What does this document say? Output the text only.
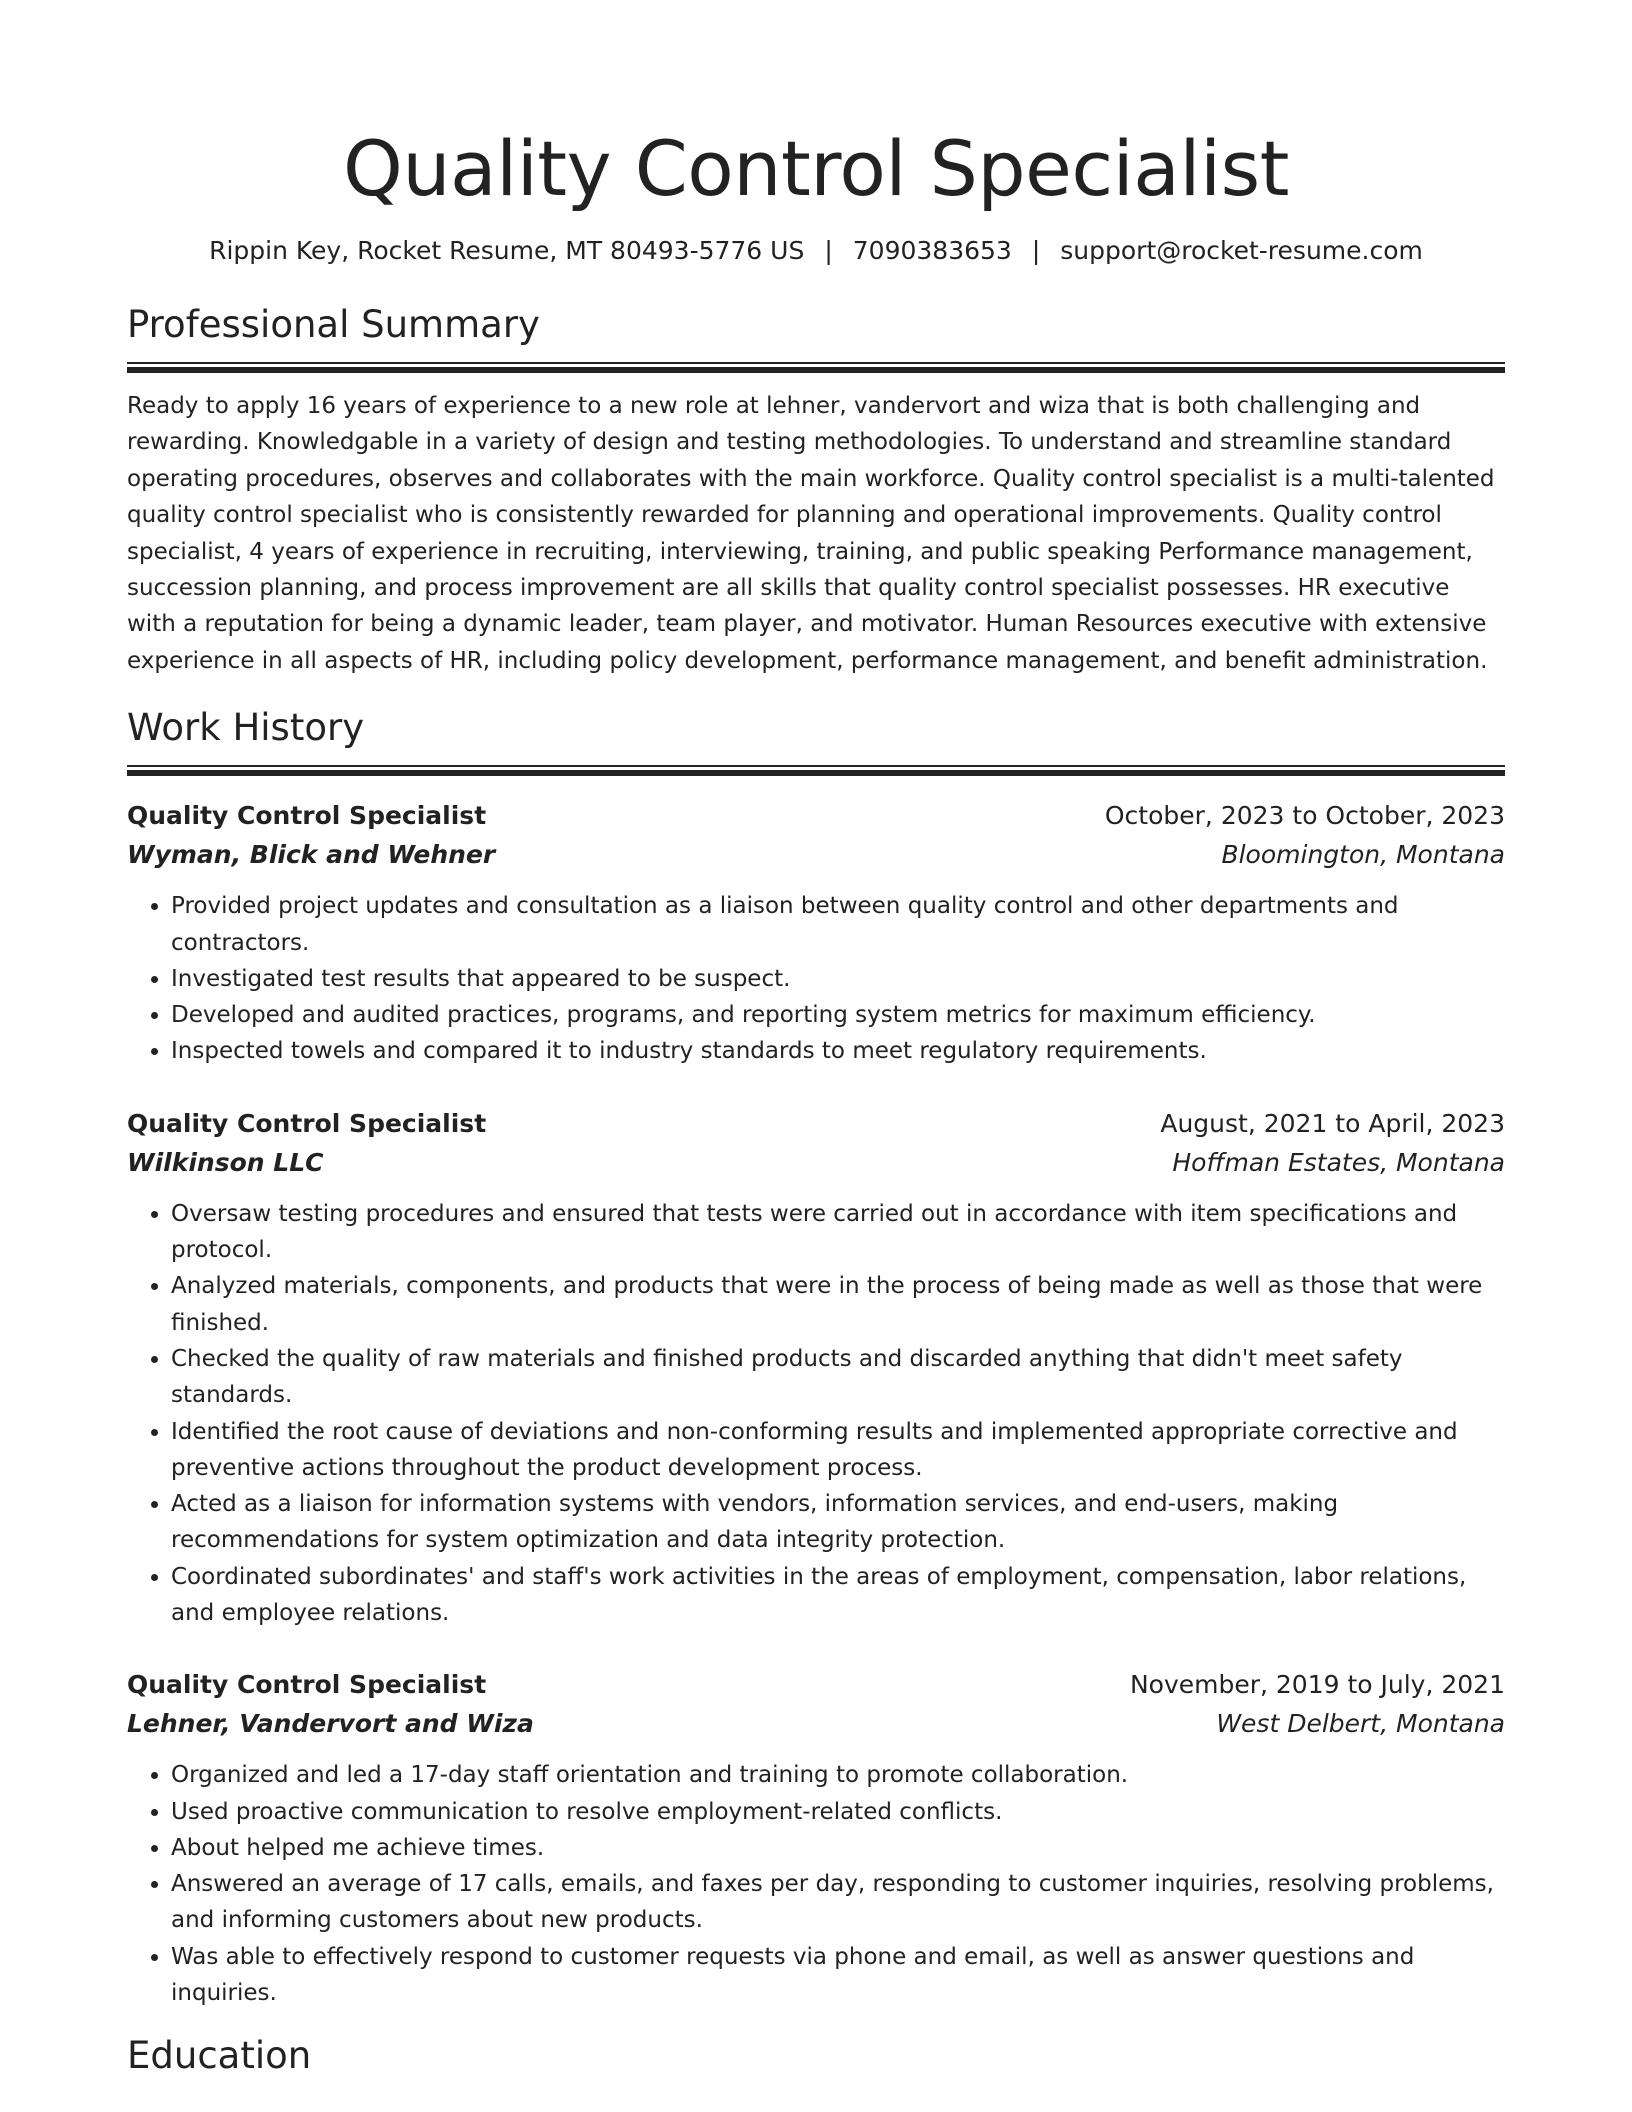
Quality Control Specialist
Rippin Key, Rocket Resume, MT 80493-5776 US | 7090383653 | support@rocket-resume.com
Professional Summary

Ready to apply 16 years of experience to a new role at lehner, vandervort and wiza that is both challenging and rewarding. Knowledgable in a variety of design and testing methodologies. To understand and streamline standard operating procedures, observes and collaborates with the main workforce. Quality control specialist is a multi-talented quality control specialist who is consistently rewarded for planning and operational improvements. Quality control specialist, 4 years of experience in recruiting, interviewing, training, and public speaking Performance management, succession planning, and process improvement are all skills that quality control specialist possesses. HR executive with a reputation for being a dynamic leader, team player, and motivator. Human Resources executive with extensive experience in all aspects of HR, including policy development, performance management, and benefit administration.

Work History
Quality Control Specialist	October, 2023 to October, 2023
Wyman, Blick and Wehner	Bloomington, Montana
• Provided project updates and consultation as a liaison between quality control and other departments and contractors.
• Investigated test results that appeared to be suspect.
• Developed and audited practices, programs, and reporting system metrics for maximum efficiency.
• Inspected towels and compared it to industry standards to meet regulatory requirements.
Quality Control Specialist	August, 2021 to April, 2023
Wilkinson LLC	Hoffman Estates, Montana
• Oversaw testing procedures and ensured that tests were carried out in accordance with item specifications and protocol.
• Analyzed materials, components, and products that were in the process of being made as well as those that were finished.
• Checked the quality of raw materials and finished products and discarded anything that didn't meet safety standards.
• Identified the root cause of deviations and non-conforming results and implemented appropriate corrective and preventive actions throughout the product development process.
• Acted as a liaison for information systems with vendors, information services, and end-users, making recommendations for system optimization and data integrity protection.
• Coordinated subordinates' and staff's work activities in the areas of employment, compensation, labor relations, and employee relations.
Quality Control Specialist	November, 2019 to July, 2021
Lehner, Vandervort and Wiza	West Delbert, Montana
• Organized and led a 17-day staff orientation and training to promote collaboration.
• Used proactive communication to resolve employment-related conflicts.
• About helped me achieve times.
• Answered an average of 17 calls, emails, and faxes per day, responding to customer inquiries, resolving problems, and informing customers about new products.
• Was able to effectively respond to customer requests via phone and email, as well as answer questions and inquiries.
Education
